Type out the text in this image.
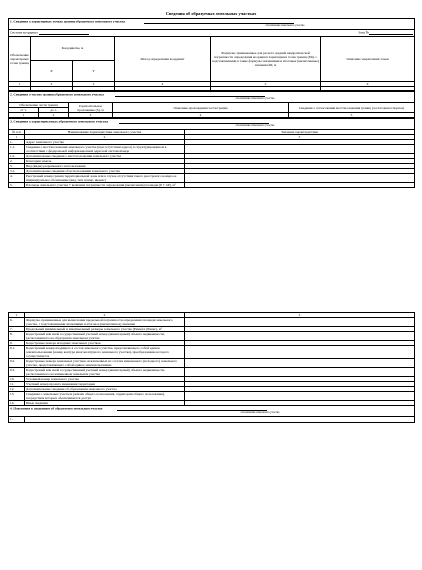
Сведения об образуемых земельных участках
1. Сведения о характерных точках границ образуемого земельного участка
обозначение земельного участка					

Система координат Зона №					

Обозначение характерных точек границ	Координаты, м		Метод определения координат	Формулы, примененные для расчета средней квадратической погрешности определения координат характерных точек границ (Mt), с подставленными в такие формулы значениями и итоговые (вычисленные) значения Mt, м	Описание закрепления точки
	X	Y			
1	2	3	4	5	6

2. Сведения о частях границ образуемого земельного участка
обозначение земельного участка				

Обозначение части границ		Горизонтальное проложение (S), м	Описание прохождения части границ	Сведения о согласовании местоположения границ (согласовано/спорное)
от т.	до т.			
1	2	3	4	5
3. Сведения о характеристиках образуемого земельного участка
обозначение земельного участка		

№ п/п	Наименование характеристики земельного участка	Значение характеристики
1	2	3
1.	Адрес земельного участка	
1.1.	Сведения о местоположении земельного участка (при отсутствии адреса) в структурированном в соответствии с федеральной информационной адресной системой виде	
1.2.	Дополнительные сведения о местоположении земельного участка	
2.	Категория земель	
3.	Вид (виды) разрешенного использования	
3.1.	Дополнительные сведения об использовании земельного участка	
4.	Реестровый номер границ территориальной зоны или в случае отсутствия такого реестрового номера ее индивидуальное обозначение (вид, тип, номер, индекс)	
5.	Площадь земельного участка ± величина погрешности определения (вычисления) площади (P ± ΔP), м²	
1	2	3
6.	Формулы, примененные для вычисления предельной погрешности определения площади земельного участка, с подставленными значениями и итоговое (вычисленное) значение	
7.	Предельный минимальный и максимальный размеры земельного участка (Pмин) и (Pмакс), м²	
8.	Кадастровый или иной государственный учетный номер (инвентарный) объекта недвижимости, расположенного на образуемом земельном участке	
9.	Кадастровые номера исходных земельных участков	
9.1.	Кадастровый номер входящего в состав земельного участка, представляющего собой единое землепользование (номер контура многоконтурного земельного участка), преобразование которого осуществляется	
9.2.	Кадастровые номера земельных участков, исключенных из состава измененного (исходного) земельного участка, представляющего собой единое землепользование	
9.3.	Кадастровый или иной государственный учетный номер (инвентарный) объекта недвижимости, расположенного на измененном земельном участке	
10.	Условный номер земельного участка	
11.	Учетный номер проекта межевания территории	
12.	Дополнительные сведения об образовании земельного участка	
13.	Сведения о земельных участках (землях общего пользования, территории общего пользования), посредством которых обеспечивается доступ	
14.	Иные сведения	
4. Пояснения к сведениям об образуемом земельном участке
обозначение земельного участка		

1.		
